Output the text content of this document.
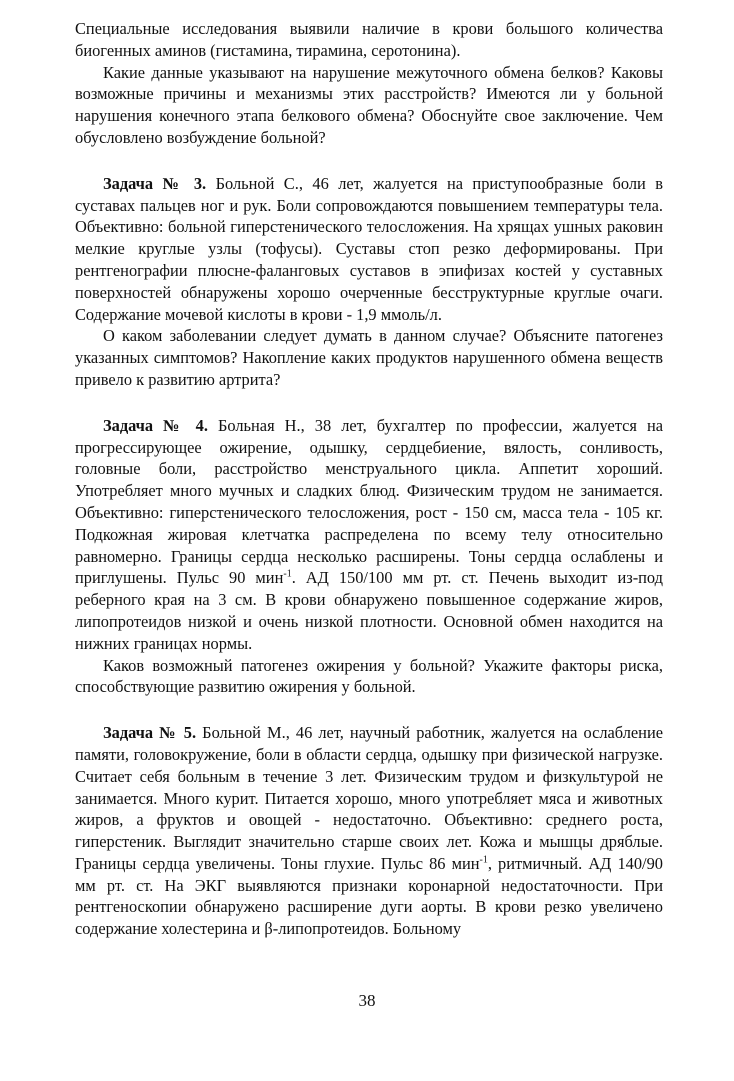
Специальные исследования выявили наличие в крови большого количества биогенных аминов (гистамина, тирамина, серотонина).

Какие данные указывают на нарушение межуточного обмена белков? Каковы возможные причины и механизмы этих расстройств? Имеются ли у больной нарушения конечного этапа белкового обмена? Обоснуйте свое заключение. Чем обусловлено возбуждение больной?

Задача № 3. Больной С., 46 лет, жалуется на приступообразные боли в суставах пальцев ног и рук. Боли сопровождаются повышением температуры тела. Объективно: больной гиперстенического телосложения. На хрящах ушных раковин мелкие круглые узлы (тофусы). Суставы стоп резко деформированы. При рентгенографии плюсне-фаланговых суставов в эпифизах костей у суставных поверхностей обнаружены хорошо очерченные бесструктурные круглые очаги. Содержание мочевой кислоты в крови - 1,9 ммоль/л.

О каком заболевании следует думать в данном случае? Объясните патогенез указанных симптомов? Накопление каких продуктов нарушенного обмена веществ привело к развитию артрита?

Задача № 4. Больная Н., 38 лет, бухгалтер по профессии, жалуется на прогрессирующее ожирение, одышку, сердцебиение, вялость, сонливость, головные боли, расстройство менструального цикла. Аппетит хороший. Употребляет много мучных и сладких блюд. Физическим трудом не занимается. Объективно: гиперстенического телосложения, рост - 150 см, масса тела - 105 кг. Подкожная жировая клетчатка распределена по всему телу относительно равномерно. Границы сердца несколько расширены. Тоны сердца ослаблены и приглушены. Пульс 90 мин$^{-1}$. АД 150/100 мм рт. ст. Печень выходит из-под реберного края на 3 см. В крови обнаружено повышенное содержание жиров, липопротеидов низкой и очень низкой плотности. Основной обмен находится на нижних границах нормы.

Каков возможный патогенез ожирения у больной? Укажите факторы риска, способствующие развитию ожирения у больной.

Задача № 5. Больной М., 46 лет, научный работник, жалуется на ослабление памяти, головокружение, боли в области сердца, одышку при физической нагрузке. Считает себя больным в течение 3 лет. Физическим трудом и физкультурой не занимается. Много курит. Питается хорошо, много употребляет мяса и животных жиров, а фруктов и овощей - недостаточно. Объективно: среднего роста, гиперстеник. Выглядит значительно старше своих лет. Кожа и мышцы дряблые. Границы сердца увеличены. Тоны глухие. Пульс 86 мин$^{-1}$, ритмичный. АД 140/90 мм рт. ст. На ЭКГ выявляются признаки коронарной недостаточности. При рентгеноскопии обнаружено расширение дуги аорты. В крови резко увеличено содержание холестерина и β-липопротеидов. Больному

38
